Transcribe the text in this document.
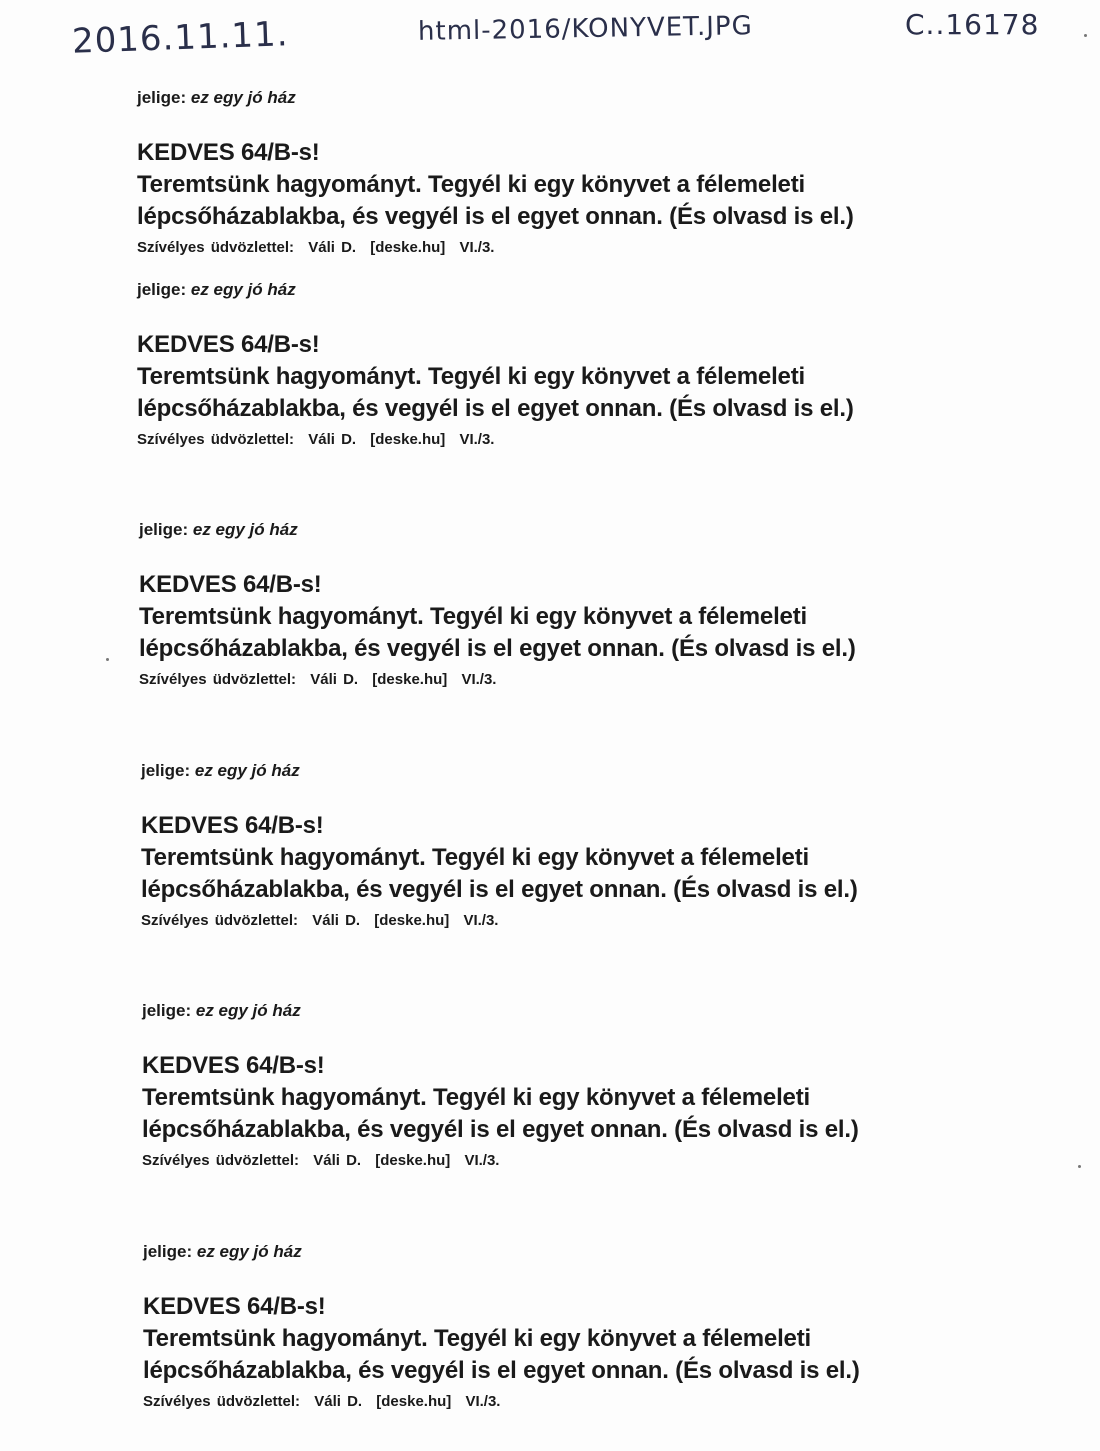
2016.11.11.	html-2016/KONYVET.JPG	C..16178
jelige: ez egy jó ház
KEDVES 64/B-s!
Teremtsünk hagyományt. Tegyél ki egy könyvet a félemeleti
lépcsőházablakba, és vegyél is el egyet onnan. (És olvasd is el.)
Szívélyes üdvözlettel: Váli D. [deske.hu] VI./3.
jelige: ez egy jó ház
KEDVES 64/B-s!
Teremtsünk hagyományt. Tegyél ki egy könyvet a félemeleti
lépcsőházablakba, és vegyél is el egyet onnan. (És olvasd is el.)
Szívélyes üdvözlettel: Váli D. [deske.hu] VI./3.
jelige: ez egy jó ház
KEDVES 64/B-s!
Teremtsünk hagyományt. Tegyél ki egy könyvet a félemeleti
lépcsőházablakba, és vegyél is el egyet onnan. (És olvasd is el.)
Szívélyes üdvözlettel: Váli D. [deske.hu] VI./3.
jelige: ez egy jó ház
KEDVES 64/B-s!
Teremtsünk hagyományt. Tegyél ki egy könyvet a félemeleti
lépcsőházablakba, és vegyél is el egyet onnan. (És olvasd is el.)
Szívélyes üdvözlettel: Váli D. [deske.hu] VI./3.
jelige: ez egy jó ház
KEDVES 64/B-s!
Teremtsünk hagyományt. Tegyél ki egy könyvet a félemeleti
lépcsőházablakba, és vegyél is el egyet onnan. (És olvasd is el.)
Szívélyes üdvözlettel: Váli D. [deske.hu] VI./3.
jelige: ez egy jó ház
KEDVES 64/B-s!
Teremtsünk hagyományt. Tegyél ki egy könyvet a félemeleti
lépcsőházablakba, és vegyél is el egyet onnan. (És olvasd is el.)
Szívélyes üdvözlettel: Váli D. [deske.hu] VI./3.
